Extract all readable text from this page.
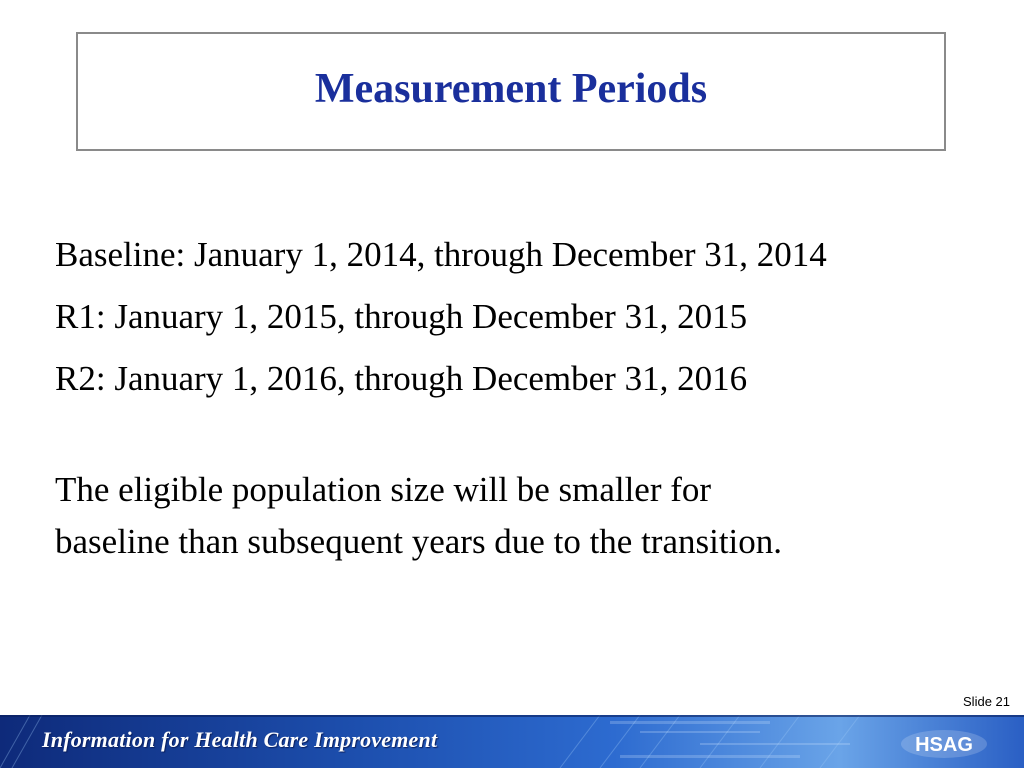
Measurement Periods

Baseline: January 1, 2014, through December 31, 2014

R1: January 1, 2015, through December 31, 2015

R2: January 1, 2016, through December 31, 2016

The eligible population size will be smaller for
baseline than subsequent years due to the transition.

Slide 21
Information for Health Care Improvement	HSAG
